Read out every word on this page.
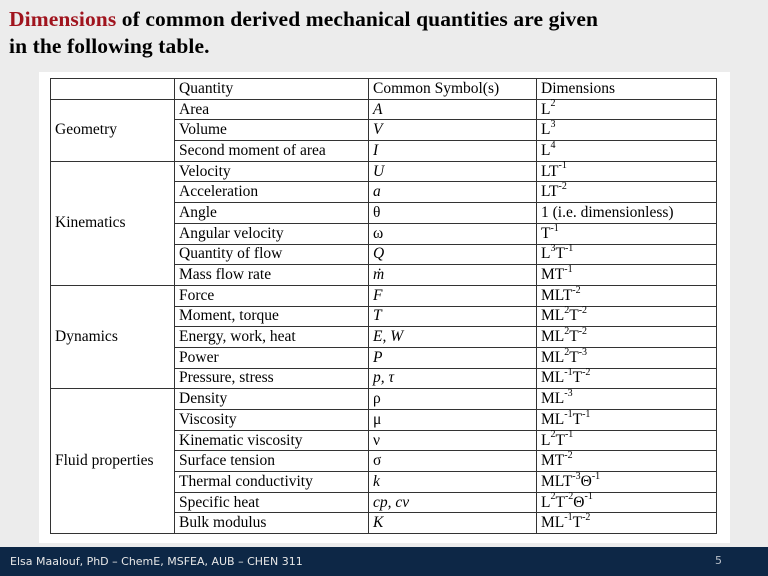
Dimensions of common derived mechanical quantities are given
in the following table.
	Quantity	Common Symbol(s)	Dimensions
Geometry	Area	A	$L^2$
	Volume	V	$L^3$
	Second moment of area	I	$L^4$
Kinematics	Velocity	U	$LT^{-1}$
	Acceleration	a	$LT^{-2}$
	Angle	θ	1 (i.e. dimensionless)
	Angular velocity	ω	$T^{-1}$
	Quantity of flow	Q	$L^3T^{-1}$
	Mass flow rate	ṁ	$MT^{-1}$
Dynamics	Force	F	$MLT^{-2}$
	Moment, torque	T	$ML^2T^{-2}$
	Energy, work, heat	E, W	$ML^2T^{-2}$
	Power	P	$ML^2T^{-3}$
	Pressure, stress	p, τ	$ML^{-1}T^{-2}$
Fluid properties	Density	ρ	$ML^{-3}$
	Viscosity	μ	$ML^{-1}T^{-1}$
	Kinematic viscosity	ν	$L^2T^{-1}$
	Surface tension	σ	$MT^{-2}$
	Thermal conductivity	k	$MLT^{-3}\Theta^{-1}$
	Specific heat	cp, cv	$L^2T^{-2}\Theta^{-1}$
	Bulk modulus	K	$ML^{-1}T^{-2}$
Elsa Maalouf, PhD – ChemE, MSFEA, AUB – CHEN 311	5
